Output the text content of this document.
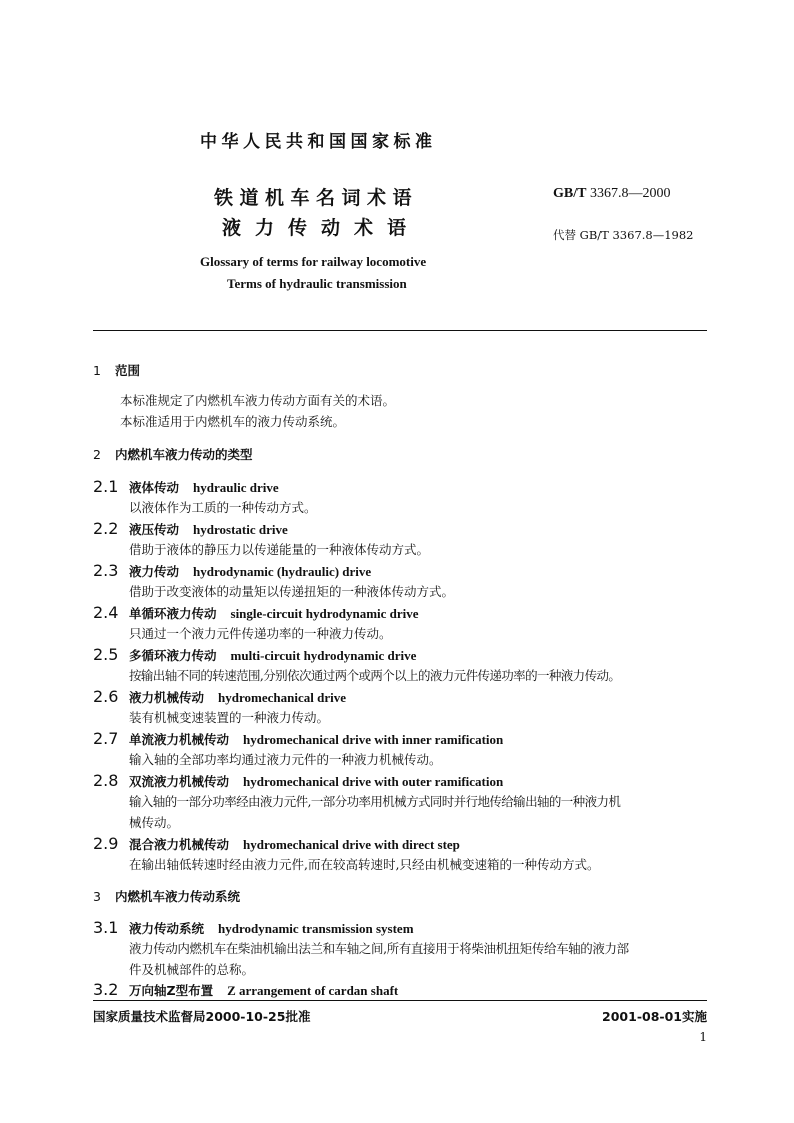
中华人民共和国国家标准
铁道机车名词术语
液力传动术语
GB/T 3367.8—2000
代替 GB/T 3367.8—1982
Glossary of terms for railway locomotive
Terms of hydraulic transmission
1 范围
本标准规定了内燃机车液力传动方面有关的术语。
本标准适用于内燃机车的液力传动系统。
2 内燃机车液力传动的类型
2.1 液体传动 hydraulic drive
以液体作为工质的一种传动方式。
2.2 液压传动 hydrostatic drive
借助于液体的静压力以传递能量的一种液体传动方式。
2.3 液力传动 hydrodynamic (hydraulic) drive
借助于改变液体的动量矩以传递扭矩的一种液体传动方式。
2.4 单循环液力传动 single-circuit hydrodynamic drive
只通过一个液力元件传递功率的一种液力传动。
2.5 多循环液力传动 multi-circuit hydrodynamic drive
按输出轴不同的转速范围,分别依次通过两个或两个以上的液力元件传递功率的一种液力传动。
2.6 液力机械传动 hydromechanical drive
装有机械变速装置的一种液力传动。
2.7 单流液力机械传动 hydromechanical drive with inner ramification
输入轴的全部功率均通过液力元件的一种液力机械传动。
2.8 双流液力机械传动 hydromechanical drive with outer ramification
输入轴的一部分功率经由液力元件,一部分功率用机械方式同时并行地传给输出轴的一种液力机
械传动。
2.9 混合液力机械传动 hydromechanical drive with direct step
在输出轴低转速时经由液力元件,而在较高转速时,只经由机械变速箱的一种传动方式。
3 内燃机车液力传动系统
3.1 液力传动系统 hydrodynamic transmission system
液力传动内燃机车在柴油机输出法兰和车轴之间,所有直接用于将柴油机扭矩传给车轴的液力部
件及机械部件的总称。
3.2 万向轴Z型布置 Z arrangement of cardan shaft
国家质量技术监督局2000-10-25批准	2001-08-01实施
1
